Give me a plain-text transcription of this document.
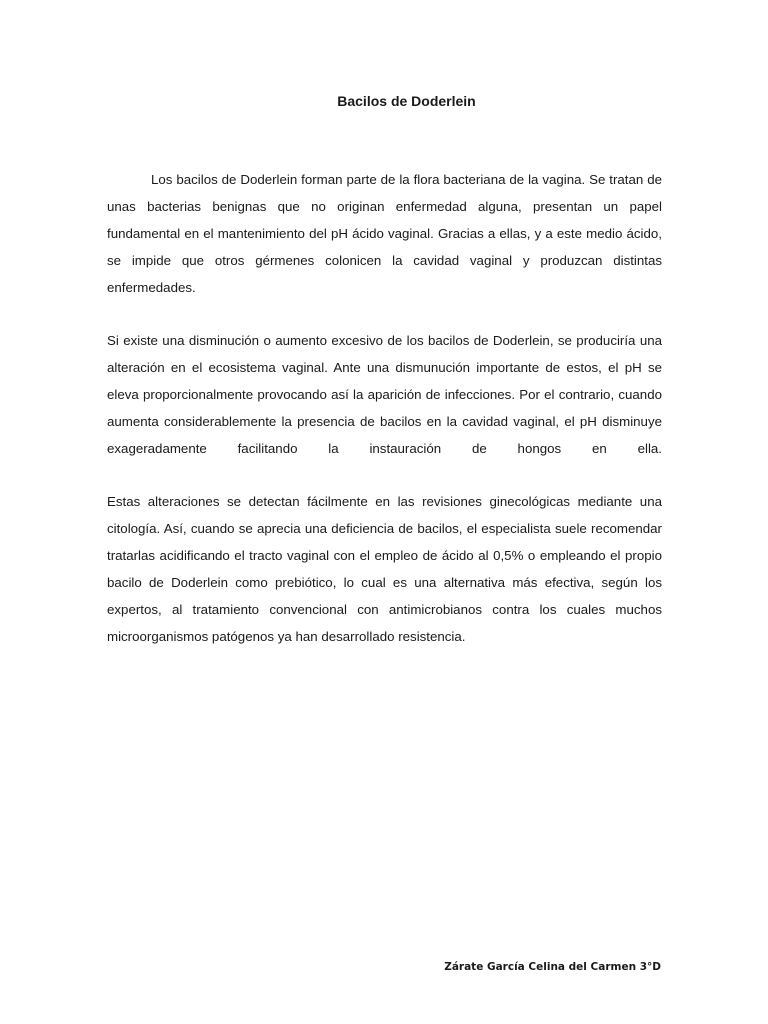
Bacilos de Doderlein

Los bacilos de Doderlein forman parte de la flora bacteriana de la vagina. Se tratan de unas bacterias benignas que no originan enfermedad alguna, presentan un papel fundamental en el mantenimiento del pH ácido vaginal. Gracias a ellas, y a este medio ácido, se impide que otros gérmenes colonicen la cavidad vaginal y produzcan distintas enfermedades.

Si existe una disminución o aumento excesivo de los bacilos de Doderlein, se produciría una alteración en el ecosistema vaginal. Ante una dismunución importante de estos, el pH se eleva proporcionalmente provocando así la aparición de infecciones. Por el contrario, cuando aumenta considerablemente la presencia de bacilos en la cavidad vaginal, el pH disminuye exageradamente facilitando la instauración de hongos en ella.

Estas alteraciones se detectan fácilmente en las revisiones ginecológicas mediante una citología. Así, cuando se aprecia una deficiencia de bacilos, el especialista suele recomendar tratarlas acidificando el tracto vaginal con el empleo de ácido al 0,5% o empleando el propio bacilo de Doderlein como prebiótico, lo cual es una alternativa más efectiva, según los expertos, al tratamiento convencional con antimicrobianos contra los cuales muchos microorganismos patógenos ya han desarrollado resistencia.

Zárate García Celina del Carmen 3°D
